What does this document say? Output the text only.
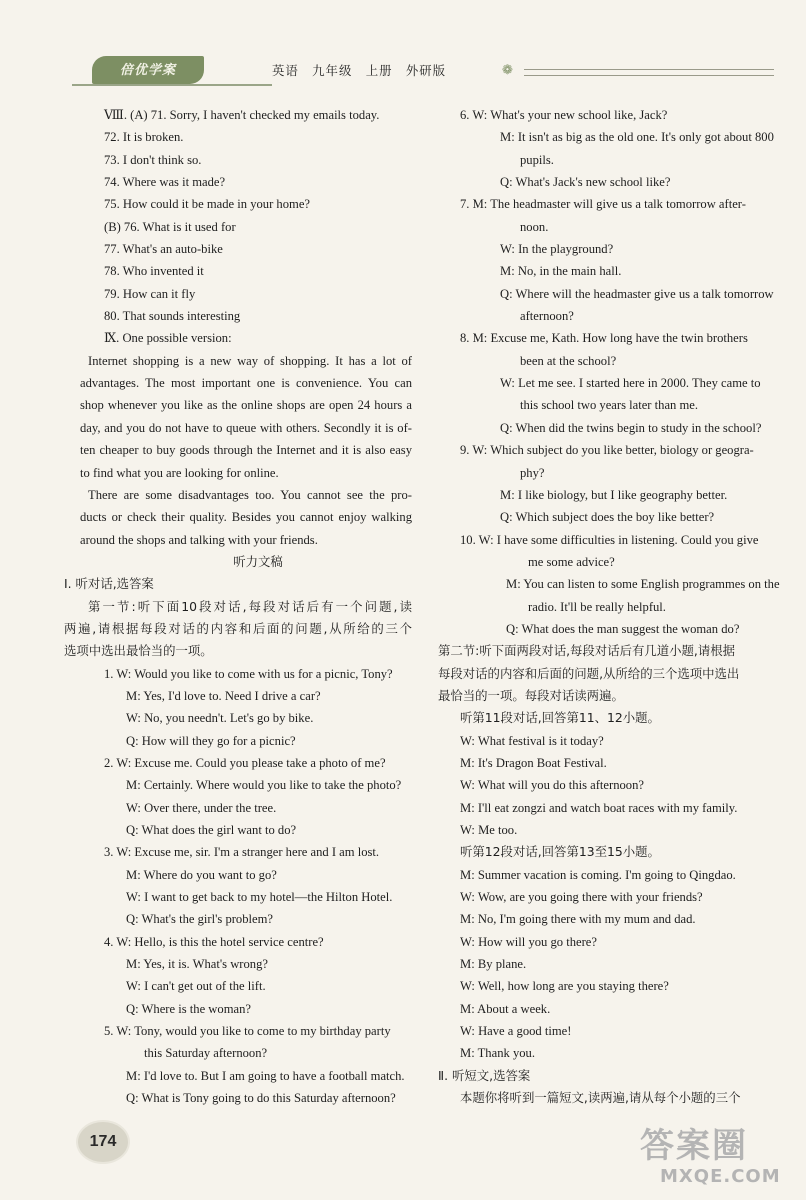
倍优学案	英语　九年级　上册　外研版	❁
Ⅷ. (A) 71. Sorry, I haven't checked my emails today.
72. It is broken.
73. I don't think so.
74. Where was it made?
75. How could it be made in your home?
(B) 76. What is it used for
77. What's an auto-bike
78. Who invented it
79. How can it fly
80. That sounds interesting
Ⅸ. One possible version:
Internet shopping is a new way of shopping. It has a lot of
advantages. The most important one is convenience. You can
shop whenever you like as the online shops are open 24 hours a
day, and you do not have to queue with others. Secondly it is of-
ten cheaper to buy goods through the Internet and it is also easy
to find what you are looking for online.
There are some disadvantages too. You cannot see the pro-
ducts or check their quality. Besides you cannot enjoy walking
around the shops and talking with your friends.
听力文稿
Ⅰ. 听对话,选答案
第一节:听下面10段对话,每段对话后有一个问题,读
两遍,请根据每段对话的内容和后面的问题,从所给的三个
选项中选出最恰当的一项。
1. W: Would you like to come with us for a picnic, Tony?
M: Yes, I'd love to. Need I drive a car?
W: No, you needn't. Let's go by bike.
Q: How will they go for a picnic?
2. W: Excuse me. Could you please take a photo of me?
M: Certainly. Where would you like to take the photo?
W: Over there, under the tree.
Q: What does the girl want to do?
3. W: Excuse me, sir. I'm a stranger here and I am lost.
M: Where do you want to go?
W: I want to get back to my hotel—the Hilton Hotel.
Q: What's the girl's problem?
4. W: Hello, is this the hotel service centre?
M: Yes, it is. What's wrong?
W: I can't get out of the lift.
Q: Where is the woman?
5. W: Tony, would you like to come to my birthday party
this Saturday afternoon?
M: I'd love to. But I am going to have a football match.
Q: What is Tony going to do this Saturday afternoon?
6. W: What's your new school like, Jack?
M: It isn't as big as the old one. It's only got about 800
pupils.
Q: What's Jack's new school like?
7. M: The headmaster will give us a talk tomorrow after-
noon.
W: In the playground?
M: No, in the main hall.
Q: Where will the headmaster give us a talk tomorrow
afternoon?
8. M: Excuse me, Kath. How long have the twin brothers
been at the school?
W: Let me see. I started here in 2000. They came to
this school two years later than me.
Q: When did the twins begin to study in the school?
9. W: Which subject do you like better, biology or geogra-
phy?
M: I like biology, but I like geography better.
Q: Which subject does the boy like better?
10. W: I have some difficulties in listening. Could you give
me some advice?
M: You can listen to some English programmes on the
radio. It'll be really helpful.
Q: What does the man suggest the woman do?
第二节:听下面两段对话,每段对话后有几道小题,请根据
每段对话的内容和后面的问题,从所给的三个选项中选出
最恰当的一项。每段对话读两遍。
听第11段对话,回答第11、12小题。
W: What festival is it today?
M: It's Dragon Boat Festival.
W: What will you do this afternoon?
M: I'll eat zongzi and watch boat races with my family.
W: Me too.
听第12段对话,回答第13至15小题。
M: Summer vacation is coming. I'm going to Qingdao.
W: Wow, are you going there with your friends?
M: No, I'm going there with my mum and dad.
W: How will you go there?
M: By plane.
W: Well, how long are you staying there?
M: About a week.
W: Have a good time!
M: Thank you.
Ⅱ. 听短文,选答案
本题你将听到一篇短文,读两遍,请从每个小题的三个
174	答案圈
MXQE.COM
